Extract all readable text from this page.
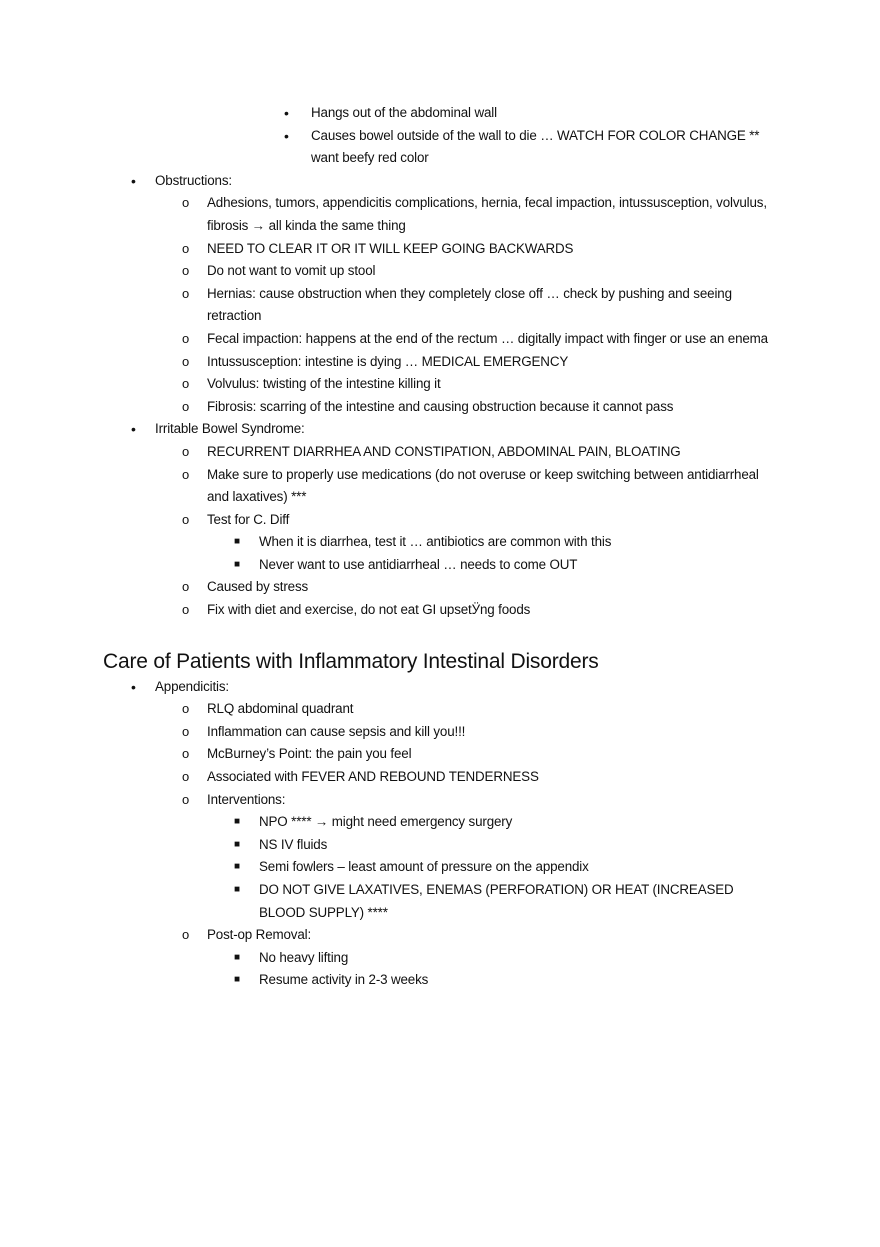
• Hangs out of the abdominal wall
• Causes bowel outside of the wall to die … WATCH FOR COLOR CHANGE ** want beefy red color
• Obstructions:
o Adhesions, tumors, appendicitis complications, hernia, fecal impaction, intussusception, volvulus, fibrosis → all kinda the same thing
o NEED TO CLEAR IT OR IT WILL KEEP GOING BACKWARDS
o Do not want to vomit up stool
o Hernias: cause obstruction when they completely close off … check by pushing and seeing retraction
o Fecal impaction: happens at the end of the rectum … digitally impact with finger or use an enema
o Intussusception: intestine is dying … MEDICAL EMERGENCY
o Volvulus: twisting of the intestine killing it
o Fibrosis: scarring of the intestine and causing obstruction because it cannot pass
• Irritable Bowel Syndrome:
o RECURRENT DIARRHEA AND CONSTIPATION, ABDOMINAL PAIN, BLOATING
o Make sure to properly use medications (do not overuse or keep switching between antidiarrheal and laxatives) ***
o Test for C. Diff
■ When it is diarrhea, test it … antibiotics are common with this
■ Never want to use antidiarrheal … needs to come OUT
o Caused by stress
o Fix with diet and exercise, do not eat GI upsetӰng foods
Care of Patients with Inflammatory Intestinal Disorders
• Appendicitis:
o RLQ abdominal quadrant
o Inflammation can cause sepsis and kill you!!!
o McBurney’s Point: the pain you feel
o Associated with FEVER AND REBOUND TENDERNESS
o Interventions:
■ NPO **** → might need emergency surgery
■ NS IV fluids
■ Semi fowlers – least amount of pressure on the appendix
■ DO NOT GIVE LAXATIVES, ENEMAS (PERFORATION) OR HEAT (INCREASED BLOOD SUPPLY) ****
o Post-op Removal:
■ No heavy lifting
■ Resume activity in 2-3 weeks
